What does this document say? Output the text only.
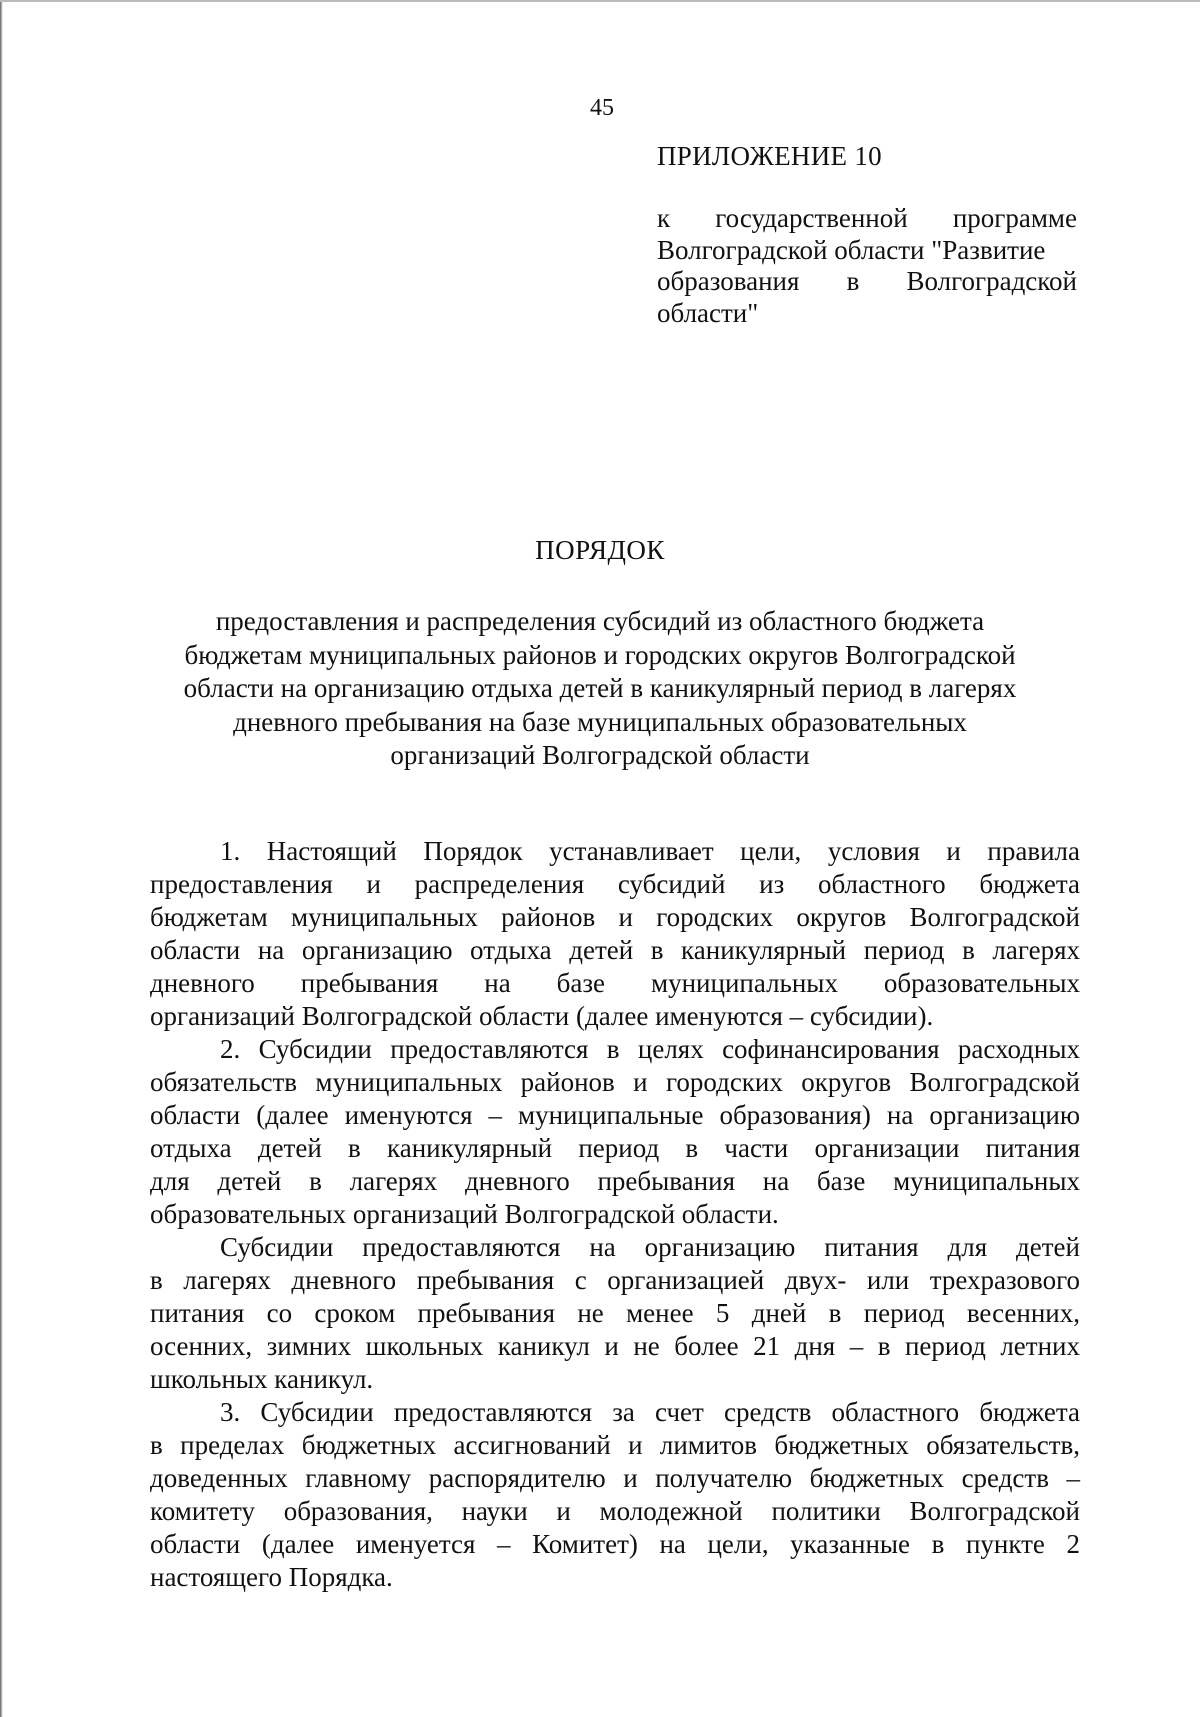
45
ПРИЛОЖЕНИЕ 10
к государственной программе
Волгоградской области "Развитие
образования в Волгоградской
области"
ПОРЯДОК
предоставления и распределения субсидий из областного бюджета
бюджетам муниципальных районов и городских округов Волгоградской
области на организацию отдыха детей в каникулярный период в лагерях
дневного пребывания на базе муниципальных образовательных
организаций Волгоградской области
1. Настоящий Порядок устанавливает цели, условия и правила
предоставления и распределения субсидий из областного бюджета
бюджетам муниципальных районов и городских округов Волгоградской
области на организацию отдыха детей в каникулярный период в лагерях
дневного пребывания на базе муниципальных образовательных
организаций Волгоградской области (далее именуются – субсидии).
2. Субсидии предоставляются в целях софинансирования расходных
обязательств муниципальных районов и городских округов Волгоградской
области (далее именуются – муниципальные образования) на организацию
отдыха детей в каникулярный период в части организации питания
для детей в лагерях дневного пребывания на базе муниципальных
образовательных организаций Волгоградской области.
Субсидии предоставляются на организацию питания для детей
в лагерях дневного пребывания с организацией двух- или трехразового
питания со сроком пребывания не менее 5 дней в период весенних,
осенних, зимних школьных каникул и не более 21 дня – в период летних
школьных каникул.
3. Субсидии предоставляются за счет средств областного бюджета
в пределах бюджетных ассигнований и лимитов бюджетных обязательств,
доведенных главному распорядителю и получателю бюджетных средств –
комитету образования, науки и молодежной политики Волгоградской
области (далее именуется – Комитет) на цели, указанные в пункте 2
настоящего Порядка.
